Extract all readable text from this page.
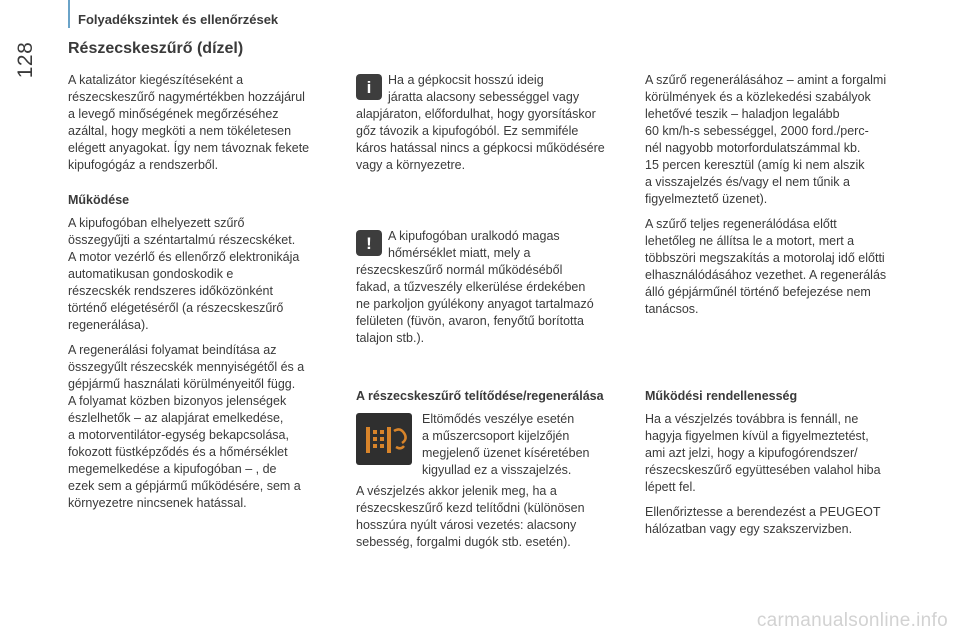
128
Folyadékszintek és ellenőrzések
Részecskeszűrő (dízel)

A katalizátor kiegészítéseként a
részecskeszűrő nagymértékben hozzájárul
a levegő minőségének megőrzéséhez
azáltal, hogy megköti a nem tökéletesen
elégett anyagokat. Így nem távoznak fekete
kipufogógáz a rendszerből.

Működése

A kipufogóban elhelyezett szűrő
összegyűjti a széntartalmú részecskéket.
A motor vezérlő és ellenőrző elektronikája
automatikusan gondoskodik e
részecskék rendszeres időközönként
történő elégetéséről (a részecskeszűrő
regenerálása).

A regenerálási folyamat beindítása az
összegyűlt részecskék mennyiségétől és a
gépjármű használati körülményeitől függ.
A folyamat közben bizonyos jelenségek
észlelhetők – az alapjárat emelkedése,
a motorventilátor-egység bekapcsolása,
fokozott füstképződés és a hőmérséklet
megemelkedése a kipufogóban – , de
ezek sem a gépjármű működésére, sem a
környezetre nincsenek hatással.

i	Ha a gépkocsit hosszú ideig
járatta alacsony sebességgel vagy
alapjáraton, előfordulhat, hogy gyorsításkor
gőz távozik a kipufogóból. Ez semmiféle
káros hatással nincs a gépkocsi működésére
vagy a környezetre.
!	A kipufogóban uralkodó magas
hőmérséklet miatt, mely a
részecskeszűrő normál működéséből
fakad, a tűzveszély elkerülése érdekében
ne parkoljon gyúlékony anyagot tartalmazó
felületen (füvön, avaron, fenyőtű borította
talajon stb.).
A részecskeszűrő telítődése/regenerálása
Eltömődés veszélye esetén
a műszercsoport kijelzőjén
megjelenő üzenet kíséretében
kigyullad ez a visszajelzés.
A vészjelzés akkor jelenik meg, ha a
részecskeszűrő kezd telítődni (különösen
hosszúra nyúlt városi vezetés: alacsony
sebesség, forgalmi dugók stb. esetén).

A szűrő regenerálásához – amint a forgalmi
körülmények és a közlekedési szabályok
lehetővé teszik – haladjon legalább
60 km/h-s sebességgel, 2000 ford./perc-
nél nagyobb motorfordulatszámmal kb.
15 percen keresztül (amíg ki nem alszik
a visszajelzés és/vagy el nem tűnik a
figyelmeztető üzenet).

A szűrő teljes regenerálódása előtt
lehetőleg ne állítsa le a motort, mert a
többszöri megszakítás a motorolaj idő előtti
elhasználódásához vezethet. A regenerálás
álló gépjárműnél történő befejezése nem
tanácsos.

Működési rendellenesség

Ha a vészjelzés továbbra is fennáll, ne
hagyja figyelmen kívül a figyelmeztetést,
ami azt jelzi, hogy a kipufogórendszer/
részecskeszűrő együttesében valahol hiba
lépett fel.

Ellenőriztesse a berendezést a PEUGEOT
hálózatban vagy egy szakszervizben.

carmanualsonline.info
